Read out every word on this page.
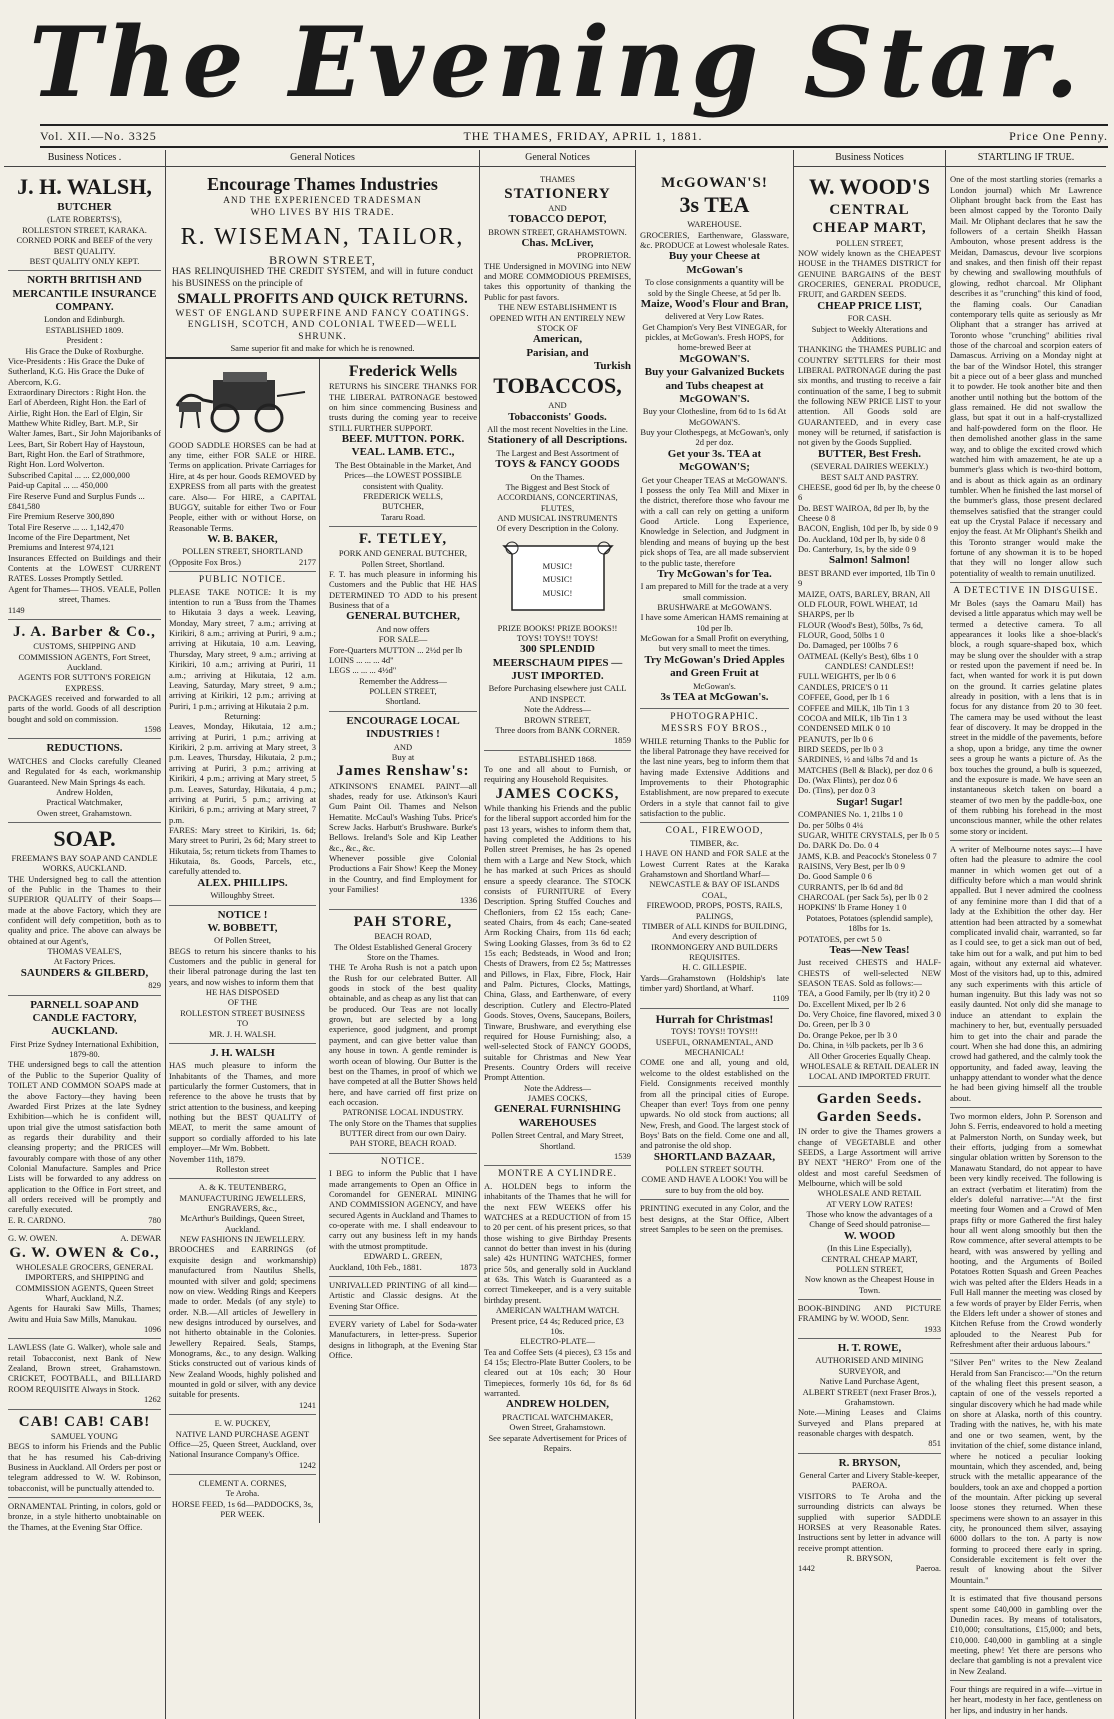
The Evening Star.
Vol. XII.—No. 3325	THE THAMES, FRIDAY, APRIL 1, 1881.	Price One Penny.
Business Notices .
J. H. WALSH,
BUTCHER
(LATE ROBERTS'S),
ROLLESTON STREET, KARAKA.
CORNED PORK and BEEF of the very BEST QUALITY.
BEST QUALITY ONLY KEPT.
NORTH BRITISH AND MERCANTILE INSURANCE COMPANY.
London and Edinburgh.
ESTABLISHED 1809.
President :
His Grace the Duke of Roxburghe.
Vice-Presidents : His Grace the Duke of Sutherland, K.G. His Grace the Duke of Abercorn, K.G.
Extraordinary Directors : Right Hon. the Earl of Aberdeen, Right Hon. the Earl of Airlie, Right Hon. the Earl of Elgin, Sir Matthew White Ridley, Bart. M.P., Sir Walter James, Bart., Sir John Majoribanks of Lees, Bart, Sir Robert Hay of Haystoun, Bart, Right Hon. the Earl of Strathmore, Right Hon. Lord Wolverton.
Subscribed Capital ... ... £2,000,000
Paid-up Capital ... ... 450,000
Fire Reserve Fund and Surplus Funds ... £841,580
Fire Premium Reserve 300,890
Total Fire Reserve ... ... 1,142,470
Income of the Fire Department, Net Premiums and Interest 974,121
Insurances Effected on Buildings and their Contents at the LOWEST CURRENT RATES. Losses Promptly Settled.
Agent for Thames— THOS. VEALE, Pollen street, Thames.
1149
J. A. Barber & Co.,
CUSTOMS, SHIPPING AND COMMISSION AGENTS, Fort Street, Auckland.
AGENTS FOR SUTTON'S FOREIGN EXPRESS.
PACKAGES received and forwarded to all parts of the world. Goods of all description bought and sold on commission.
1598
REDUCTIONS.
WATCHES and Clocks carefully Cleaned and Regulated for 4s each, workmanship Guaranteed. New Main Springs 4s each.
Andrew Holden,
Practical Watchmaker,
Owen street, Grahamstown.
SOAP.
FREEMAN'S BAY SOAP AND CANDLE WORKS, AUCKLAND.
THE Undersigned beg to call the attention of the Public in the Thames to their SUPERIOR QUALITY of their Soaps—made at the above Factory, which they are confident will defy competition, both as to quality and price. The above can always be obtained at our Agent's,
THOMAS VEALE'S,
At Factory Prices.
SAUNDERS & GILBERD,
829
PARNELL SOAP AND CANDLE FACTORY, AUCKLAND.
First Prize Sydney International Exhibition, 1879-80.
THE undersigned begs to call the attention of the Public to the Superior Quality of TOILET AND COMMON SOAPS made at the above Factory—they having been Awarded First Prizes at the late Sydney Exhibition—which he is confident will, upon trial give the utmost satisfaction both as regards their durability and their cleansing property; and the PRICES will favourably compare with those of any other Colonial Manufacture. Samples and Price Lists will be forwarded to any address on application to the Office in Fort street, and all orders received will be promptly and carefully executed.
E. R. CARDNO.	780
G. W. OWEN.	A. DEWAR
G. W. OWEN & Co.,
WHOLESALE GROCERS, GENERAL IMPORTERS, and SHIPPING and COMMISSION AGENTS, Queen Street Wharf, Auckland, N.Z.
Agents for Hauraki Saw Mills, Thames; Awitu and Huia Saw Mills, Manukau.
1096
LAWLESS (late G. Walker), whole sale and retail Tobacconist, next Bank of New Zealand, Brown street, Grahamstown. CRICKET, FOOTBALL, and BILLIARD ROOM REQUISITE Always in Stock.
1262
CAB! CAB! CAB!
SAMUEL YOUNG
BEGS to inform his Friends and the Public that he has resumed his Cab-driving Business in Auckland. All Orders per post or telegram addressed to W. W. Robinson, tobacconist, will be punctually attended to.
ORNAMENTAL Printing, in colors, gold or bronze, in a style hitherto unobtainable on the Thames, at the Evening Star Office.
General Notices
Encourage Thames Industries
AND THE EXPERIENCED TRADESMAN
WHO LIVES BY HIS TRADE.
R. WISEMAN, TAILOR,
BROWN STREET,
HAS RELINQUISHED THE CREDIT SYSTEM, and will in future conduct his BUSINESS on the principle of
SMALL PROFITS AND QUICK RETURNS.
WEST OF ENGLAND SUPERFINE AND FANCY COATINGS.
ENGLISH, SCOTCH, AND COLONIAL TWEED—WELL SHRUNK.
Same superior fit and make for which he is renowned.
GOOD SADDLE HORSES can be had at any time, either FOR SALE or HIRE. Terms on application. Private Carriages for Hire, at 4s per hour. Goods REMOVED by EXPRESS from all parts with the greatest care. Also— For HIRE, a CAPITAL BUGGY, suitable for either Two or Four People, either with or without Horse, on Reasonable Terms.
W. B. BAKER,
POLLEN STREET, SHORTLAND
(Opposite Fox Bros.)	2177
PUBLIC NOTICE.
PLEASE TAKE NOTICE: It is my intention to run a 'Buss from the Thames to Hikutaia 3 days a week. Leaving, Monday, Mary street, 7 a.m.; arriving at Kirikiri, 8 a.m.; arriving at Puriri, 9 a.m.; arriving at Hikutaia, 10 a.m. Leaving, Thursday, Mary street, 9 a.m.; arriving at Kirikiri, 10 a.m.; arriving at Puriri, 11 a.m.; arriving at Hikutaia, 12 a.m. Leaving, Saturday, Mary street, 9 a.m.; arriving at Kirikiri, 12 p.m.; arriving at Puriri, 1 p.m.; arriving at Hikutaia 2 p.m.
Returning:
Leaves, Monday, Hikutaia, 12 a.m.; arriving at Puriri, 1 p.m.; arriving at Kirikiri, 2 p.m. arriving at Mary street, 3 p.m. Leaves, Thursday, Hikutaia, 2 p.m.; arriving at Puriri, 3 p.m.; arriving at Kirikiri, 4 p.m.; arriving at Mary street, 5 p.m. Leaves, Saturday, Hikutaia, 4 p.m.; arriving at Puriri, 5 p.m.; arriving at Kirikiri, 6 p.m.; arriving at Mary street, 7 p.m.
FARES: Mary street to Kirikiri, 1s. 6d; Mary street to Puriri, 2s 6d; Mary street to Hikutaia, 5s; return tickets from Thames to Hikutaia, 8s. Goods, Parcels, etc., carefully attended to.
ALEX. PHILLIPS.
Willoughby Street.
NOTICE !
W. BOBBETT,
Of Pollen Street,
BEGS to return his sincere thanks to his Customers and the public in general for their liberal patronage during the last ten years, and now wishes to inform them that
HE HAS DISPOSED
OF THE
ROLLESTON STREET BUSINESS
TO
MR. J. H. WALSH.
J. H. WALSH
HAS much pleasure to inform the Inhabitants of the Thames, and more particularly the former Customers, that in reference to the above he trusts that by strict attention to the business, and keeping nothing but the BEST QUALITY of MEAT, to merit the same amount of support so cordially afforded to his late employer—Mr Wm. Bobbett.
November 11th, 1879.
Rolleston street
A. & K. TEUTENBERG,
MANUFACTURING JEWELLERS, ENGRAVERS, &c.,
McArthur's Buildings, Queen Street, Auckland.
NEW FASHIONS IN JEWELLERY.
BROOCHES and EARRINGS (of exquisite design and workmanship) manufactured from Nautilus Shells, mounted with silver and gold; specimens now on view. Wedding Rings and Keepers made to order. Medals (of any style) to order. N.B.—All articles of Jewellery in new designs introduced by ourselves, and not hitherto obtainable in the Colonies. Jewellery Repaired. Seals, Stamps, Monograms, &c., to any design. Walking Sticks constructed out of various kinds of New Zealand Woods, highly polished and mounted in gold or silver, with any device suitable for presents.
1241
E. W. PUCKEY,
NATIVE LAND PURCHASE AGENT
Office—25, Queen Street, Auckland, over National Insurance Company's Office.
1242
CLEMENT A. CORNES,
Te Aroha.
HORSE FEED, 1s 6d—PADDOCKS, 3s, PER WEEK.
Frederick Wells
RETURNS his SINCERE THANKS FOR THE LIBERAL PATRONAGE bestowed on him since commencing Business and trusts during the coming year to receive STILL FURTHER SUPPORT.
BEEF. MUTTON. PORK. VEAL. LAMB. ETC.,
The Best Obtainable in the Market, And Prices—the LOWEST POSSIBLE consistent with Quality.
FREDERICK WELLS,
BUTCHER,
Tararu Road.
F. TETLEY,
PORK AND GENERAL BUTCHER,
Pollen Street, Shortland.
F. T. has much pleasure in informing his Customers and the Public that HE HAS DETERMINED TO ADD to his present Business that of a
GENERAL BUTCHER,
And now offers
FOR SALE—
Fore-Quarters MUTTON ... 2½d per lb
LOINS ... ... ... 4d"
LEGS ... ... ... 4½d"
Remember the Address—
POLLEN STREET,
Shortland.
ENCOURAGE LOCAL INDUSTRIES !
AND
Buy at
James Renshaw's:
ATKINSON'S ENAMEL PAINT—all shades, ready for use. Atkinson's Kauri Gum Paint Oil. Thames and Nelson Hematite. McCaul's Washing Tubs. Price's Screw Jacks. Harbutt's Brushware. Burke's Bellows. Ireland's Sole and Kip Leather &c., &c., &c.
Whenever possible give Colonial Productions a Fair Show! Keep the Money in the Country, and find Employment for your Families!
1336
PAH STORE,
BEACH ROAD,
The Oldest Established General Grocery Store on the Thames.
THE Te Aroha Rush is not a patch upon the Rush for our celebrated Butter. All goods in stock of the best quality obtainable, and as cheap as any list that can be produced. Our Teas are not locally grown, but are selected by a long experience, good judgment, and prompt payment, and can give better value than any house in town. A gentle reminder is worth ocean of blowing. Our Butter is the best on the Thames, in proof of which we have competed at all the Butter Shows held here, and have carried off first prize on each occasion.
PATRONISE LOCAL INDUSTRY.
The only Store on the Thames that supplies BUTTER direct from our own Dairy.
PAH STORE, BEACH ROAD.
NOTICE.
I BEG to inform the Public that I have made arrangements to Open an Office in Coromandel for GENERAL MINING AND COMMISSION AGENCY, and have secured Agents in Auckland and Thames to co-operate with me. I shall endeavour to carry out any business left in my hands with the utmost promptitude.
EDWARD L. GREEN,
Auckland, 10th Feb., 1881.	1873
UNRIVALLED PRINTING of all kind—Artistic and Classic designs. At the Evening Star Office.
EVERY variety of Label for Soda-water Manufacturers, in letter-press. Superior designs in lithograph, at the Evening Star Office.
General Notices
THAMES
STATIONERY
AND
TOBACCO DEPOT,
BROWN STREET, GRAHAMSTOWN.
Chas. McLiver,
PROPRIETOR.
THE Undersigned in MOVING into NEW and MORE COMMODIOUS PREMISES, takes this opportunity of thanking the Public for past favors.
THE NEW ESTABLISHMENT IS OPENED WITH AN ENTIRELY NEW STOCK OF
American,
Parisian, and
Turkish
TOBACCOS,
AND
Tobacconists' Goods.
All the most recent Novelties in the Line.
Stationery of all Descriptions.
The Largest and Best Assortment of
TOYS & FANCY GOODS
On the Thames.
The Biggest and Best Stock of
ACCORDIANS, CONCERTINAS, FLUTES,
AND MUSICAL INSTRUMENTS
Of every Description in the Colony.
MUSIC!
MUSIC!
MUSIC!
PRIZE BOOKS! PRIZE BOOKS!!
TOYS! TOYS!! TOYS!
300 SPLENDID MEERSCHAUM PIPES —JUST IMPORTED.
Before Purchasing elsewhere just CALL AND INSPECT.
Note the Address—
BROWN STREET,
Three doors from BANK CORNER.
1859
ESTABLISHED 1868.
To one and all about to Furnish, or requiring any Household Requisites.
JAMES COCKS,
While thanking his Friends and the public for the liberal support accorded him for the past 13 years, wishes to inform them that, having completed the Additions to his Pollen street Premises, he has 2s opened them with a Large and New Stock, which he has marked at such Prices as should ensure a speedy clearance. The STOCK consists of FURNITURE of Every Description. Spring Stuffed Couches and Chefloniers, from £2 15s each; Cane-seated Chairs, from 4s each; Cane-seated Arm Rocking Chairs, from 11s 6d each; Swing Looking Glasses, from 3s 6d to £2 15s each; Bedsteads, in Wood and Iron; Chests of Drawers, from £2 5s; Mattresses and Pillows, in Flax, Fibre, Flock, Hair and Palm. Pictures, Clocks, Mattings, China, Glass, and Earthenware, of every description. Cutlery and Electro-Plated Goods. Stoves, Ovens, Saucepans, Boilers, Tinware, Brushware, and everything else required for House Furnishing; also, a well-selected Stock of FANCY GOODS, suitable for Christmas and New Year Presents. Country Orders will receive Prompt Attention.
Note the Address—
JAMES COCKS,
GENERAL FURNISHING WAREHOUSES
Pollen Street Central, and Mary Street, Shortland.
1539
MONTRE A CYLINDRE.
A. HOLDEN begs to inform the inhabitants of the Thames that he will for the next FEW WEEKS offer his WATCHES at a REDUCTION of from 15 to 20 per cent. of his present prices, so that those wishing to give Birthday Presents cannot do better than invest in his (during sale) 42s HUNTING WATCHES, former price 50s, and generally sold in Auckland at 63s. This Watch is Guaranteed as a correct Timekeeper, and is a very suitable birthday present.
AMERICAN WALTHAM WATCH.
Present price, £4 4s; Reduced price, £3 10s.
ELECTRO-PLATE—
Tea and Coffee Sets (4 pieces), £3 15s and £4 15s; Electro-Plate Butter Coolers, to be cleared out at 10s each; 30 Hour Timepieces, formerly 10s 6d, for 8s 6d warranted.
ANDREW HOLDEN,
PRACTICAL WATCHMAKER,
Owen Street, Grahamstown.
See separate Advertisement for Prices of Repairs.
McGOWAN'S!
3s TEA
WAREHOUSE.
GROCERIES, Earthenware, Glassware, &c. PRODUCE at Lowest wholesale Rates.
Buy your Cheese at McGowan's
To close consignments a quantity will be sold by the Single Cheese, at 5d per lb.
Maize, Wood's Flour and Bran,
delivered at Very Low Rates.
Get Champion's Very Best VINEGAR, for pickles, at McGowan's. Fresh HOPS, for home-brewed Beer at
McGOWAN'S.
Buy your Galvanized Buckets and Tubs cheapest at
McGOWAN'S.
Buy your Clothesline, from 6d to 1s 6d At McGOWAN'S.
Buy your Clothespegs, at McGowan's, only 2d per doz.
Get your 3s. TEA at McGOWAN'S;
Get your Cheaper TEAS at McGOWAN'S.
I possess the only Tea Mill and Mixer in the district, therefore those who favour me with a call can rely on getting a uniform Good Article. Long Experience, Knowledge in Selection, and Judgment in blending and means of buying up the best pick shops of Tea, are all made subservient to the public taste, therefore
Try McGowan's for Tea.
I am prepared to Mill for the trade at a very small commission.
BRUSHWARE at McGOWAN'S.
I have some American HAMS remaining at 10d per lb.
McGowan for a Small Profit on everything, but very small to meet the times.
Try McGowan's Dried Apples and Green Fruit at
McGowan's.
3s TEA at McGowan's.
PHOTOGRAPHIC.
MESSRS FOY BROS.,
WHILE returning Thanks to the Public for the liberal Patronage they have received for the last nine years, beg to inform them that having made Extensive Additions and Improvements to their Photographic Establishment, are now prepared to execute Orders in a style that cannot fail to give satisfaction to the public.
COAL, FIREWOOD,
TIMBER, &c.
I HAVE ON HAND and FOR SALE at the Lowest Current Rates at the Karaka Grahamstown and Shortland Wharf—
NEWCASTLE & BAY OF ISLANDS COAL,
FIREWOOD, PROPS, POSTS, RAILS, PALINGS,
TIMBER of ALL KINDS for BUILDING,
And every description of IRONMONGERY AND BUILDERS REQUISITES.
H. C. GILLESPIE.
Yards—Grahamstown (Holdship's late timber yard) Shortland, at Wharf.
1109
Hurrah for Christmas!
TOYS! TOYS!! TOYS!!!
USEFUL, ORNAMENTAL, AND MECHANICAL!
COME one and all, young and old, welcome to the oldest established on the Field. Consignments received monthly from all the principal cities of Europe. Cheaper than ever! Toys from one penny upwards. No old stock from auctions; all New, Fresh, and Good. The largest stock of Boys' Bats on the field. Come one and all, and patronise the old shop.
SHORTLAND BAZAAR,
POLLEN STREET SOUTH.
COME AND HAVE A LOOK! You will be sure to buy from the old boy.
PRINTING executed in any Color, and the best designs, at the Star Office, Albert street Samples to be seen on the premises.
Business Notices
W. WOOD'S
CENTRAL
CHEAP MART,
POLLEN STREET,
NOW widely known as the CHEAPEST HOUSE in the THAMES DISTRICT for GENUINE BARGAINS of the BEST GROCERIES, GENERAL PRODUCE, FRUIT, and GARDEN SEEDS.
CHEAP PRICE LIST,
FOR CASH.
Subject to Weekly Alterations and Additions.
THANKING the THAMES PUBLIC and COUNTRY SETTLERS for their most LIBERAL PATRONAGE during the past six months, and trusting to receive a fair continuation of the same, I beg to submit the following NEW PRICE LIST to your attention. All Goods sold are GUARANTEED, and in every case money will be returned, if satisfaction is not given by the Goods Supplied.
BUTTER, Best Fresh.
(SEVERAL DAIRIES WEEKLY.)
BEST SALT AND PASTRY.
CHEESE, good 6d per lb, by the cheese 0 6
Do. BEST WAIROA, 8d per lb, by the Cheese 0 8
BACON, English, 10d per lb, by side 0 9
Do. Auckland, 10d per lb, by side 0 8
Do. Canterbury, 1s, by the side 0 9
Salmon! Salmon!
BEST BRAND ever imported, 1lb Tin 0 9
MAIZE, OATS, BARLEY, BRAN, All
OLD FLOUR, FOWL WHEAT, 1d
SHARPS, per lb
FLOUR (Wood's Best), 50lbs, 7s 6d,
FLOUR, Good, 50lbs 1 0
Do. Damaged, per 100lbs 7 6
OATMEAL (Kelly's Best), 6lbs 1 0
CANDLES! CANDLES!!
FULL WEIGHTS, per lb 0 6
CANDLES, PRICE'S 0 11
COFFEE, Good, per lb 1 6
COFFEE and MILK, 1lb Tin 1 3
COCOA and MILK, 1lb Tin 1 3
CONDENSED MILK 0 10
PEANUTS, per lb 0 6
BIRD SEEDS, per lb 0 3
SARDINES, ½ and ¼lbs 7d and 1s
MATCHES (Bell & Black), per doz 0 6
Do. (Wax Flints), per doz 0 6
Do. (Tins), per doz 0 3
Sugar! Sugar!
COMPANIES No. 1, 21lbs 1 0
Do. per 50lbs 0 4¼
SUGAR, WHITE CRYSTALS, per lb 0 5
Do. DARK Do. Do. 0 4
JAMS, K.B. and Peacock's Stoneless 0 7
RAISINS, Very Best, per lb 0 9
Do. Good Sample 0 6
CURRANTS, per lb 6d and 8d
CHARCOAL (per Sack 5s), per lb 0 2
HOPKINS' lb Frame Honey 1 0
Potatoes, Potatoes (splendid sample), 18lbs for 1s.
POTATOES, per cwt 5 0
Teas—New Teas!
Just received CHESTS and HALF-CHESTS of well-selected NEW SEASON TEAS. Sold as follows:—
TEA, a Good Family, per lb (try it) 2 0
Do. Excellent Mixed, per lb 2 6
Do. Very Choice, fine flavored, mixed 3 0
Do. Green, per lb 3 0
Do. Orange Pekoe, per lb 3 0
Do. China, in ½lb packets, per lb 3 6
All Other Groceries Equally Cheap.
WHOLESALE & RETAIL DEALER IN
LOCAL AND IMPORTED FRUIT.
Garden Seeds.
Garden Seeds.
IN order to give the Thames growers a change of VEGETABLE and other SEEDS, a Large Assortment will arrive BY NEXT "HERO" From one of the oldest and most careful Seedsmen of Melbourne, which will be sold
WHOLESALE AND RETAIL
AT VERY LOW RATES!
Those who know the advantages of a Change of Seed should patronise—
W. WOOD
(In this Line Especially),
CENTRAL CHEAP MART,
POLLEN STREET,
Now known as the Cheapest House in Town.
BOOK-BINDING AND PICTURE FRAMING by W. WOOD, Senr.
1933
H. T. ROWE,
AUTHORISED AND MINING SURVEYOR, and
Native Land Purchase Agent,
ALBERT STREET (next Fraser Bros.), Grahamstown.
Note.—Mining Leases and Claims Surveyed and Plans prepared at reasonable charges with despatch.
851
R. BRYSON,
General Carter and Livery Stable-keeper, PAEROA.
VISITORS to Te Aroha and the surrounding districts can always be supplied with superior SADDLE HORSES at very Reasonable Rates. Instructions sent by letter in advance will receive prompt attention.
R. BRYSON,
1442	Paeroa.
STARTLING IF TRUE.
One of the most startling stories (remarks a London journal) which Mr Lawrence Oliphant brought back from the East has been almost capped by the Toronto Daily Mail. Mr Oliphant declares that he saw the followers of a certain Sheikh Hassan Ambouton, whose present address is the Meidan, Damascus, devour live scorpions and snakes, and then finish off their repast by chewing and swallowing mouthfuls of glowing, redhot charcoal. Mr Oliphant describes it as "crunching" this kind of food, the flaming coals. Our Canadian contemporary tells quite as seriously as Mr Oliphant that a stranger has arrived at Toronto whose "crunching" abilities rival those of the charcoal and scorpion eaters of Damascus. Arriving on a Monday night at the bar of the Windsor Hotel, this stranger bit a piece out of a beer glass and munched it to powder. He took another bite and then another until nothing but the bottom of the glass remained. He did not swallow the glass, but spat it out in a half-crystallized and half-powdered form on the floor. He then demolished another glass in the same way, and to oblige the excited crowd which watched him with amazement, he ate up a bummer's glass which is two-third bottom, and is about as thick again as an ordinary tumbler. When he finished the last morsel of the bummer's glass, those present declared themselves satisfied that the stranger could eat up the Crystal Palace if necessary and enjoy the feast. At Mr Oliphant's Sheikh and this Toronto stranger would make the fortune of any showman it is to be hoped that they will no longer allow such potentiality of wealth to remain unutilized.
A DETECTIVE IN DISGUISE.
Mr Boles (says the Oamaru Mail) has devised a little apparatus which may well be termed a detective camera. To all appearances it looks like a shoe-black's block, a rough square-shaped box, which may be slung over the shoulder with a strap or rested upon the pavement if need be. In fact, when wanted for work it is put down on the ground. It carries gelatine plates already in position, with a lens that is in focus for any distance from 20 to 30 feet. The camera may be used without the least fear of discovery. It may be dropped in the street in the middle of the pavements, before a shop, upon a bridge, any time the owner sees a group he wants a picture of. As the box touches the ground, a bulb is squeezed, and the exposure is made. We have seen an instantaneous sketch taken on board a steamer of two men by the paddle-box, one of them rubbing his forehead in the most unconscious manner, while the other relates some story or incident.
A writer of Melbourne notes says:—I have often had the pleasure to admire the cool manner in which women get out of a difficulty before which a man would shrink appalled. But I never admired the coolness of any feminine more than I did that of a lady at the Exhibition the other day. Her attention had been attracted by a somewhat complicated invalid chair, warranted, so far as I could see, to get a sick man out of bed, take him out for a walk, and put him to bed again, without any external aid whatever. Most of the visitors had, up to this, admired any such experiments with this article of human ingenuity. But this lady was not so easily daunted. Not only did she manage to induce an attendant to explain the machinery to her, but, eventually persuaded him to get into the chair and parade the court. When she had done this, an admiring crowd had gathered, and the calmly took the opportunity, and faded away, leaving the unhappy attendant to wonder what the dence he had been giving himself all the trouble about.
Two mormon elders, John P. Sorenson and John S. Ferris, endeavored to hold a meeting at Palmerston North, on Sunday week, but their efforts, judging from a somewhat singular oblation written by Sorenson to the Manawatu Standard, do not appear to have been very kindly received. The following is an extract (verbatim et literatim) from the elder's doleful narrative:—"At the first meeting four Women and a Crowd of Men praps fifty or more Gathered the first haley hour all went along smoothly but then the Row commence, after several attempts to be heard, with was answered by yelling and hooting, and the Arguments of Boiled Potatoes Rotten Squash and Green Peaches wich was pelted after the Elders Heads in a Full Hall manner the meeting was closed by a few words of prayer by Elder Ferris, when the Elders left under a shower of stones and Kitchen Refuse from the Crowd wonderly aplouded to the Nearest Pub for Refreshment after their arduous labours."
"Silver Pen" writes to the New Zealand Herald from San Francisco:—"On the return of the whaling fleet this present season, a captain of one of the vessels reported a singular discovery which he had made while on shore at Alaska, north of this country. Trading with the natives, he, with his mate and one or two seamen, went, by the invitation of the chief, some distance inland, where he noticed a peculiar looking mountain, which they ascended, and, being struck with the metallic appearance of the boulders, took an axe and chopped a portion of the mountain. After picking up several loose stones they returned. When these specimens were shown to an assayer in this city, he pronounced them silver, assaying 6000 dollars to the ton. A party is now forming to proceed there early in spring. Considerable excitement is felt over the result of knowing about the Silver Mountain."
It is estimated that five thousand persons spent some £40,000 in gambling over the Dunedin races. By means of totalisators, £10,000; consultations, £15,000; and bets, £10,000. £40,000 in gambling at a single meeting, phew! Yet there are persons who declare that gambling is not a prevalent vice in New Zealand.
Four things are required in a wife—virtue in her heart, modesty in her face, gentleness on her lips, and industry in her hands.
